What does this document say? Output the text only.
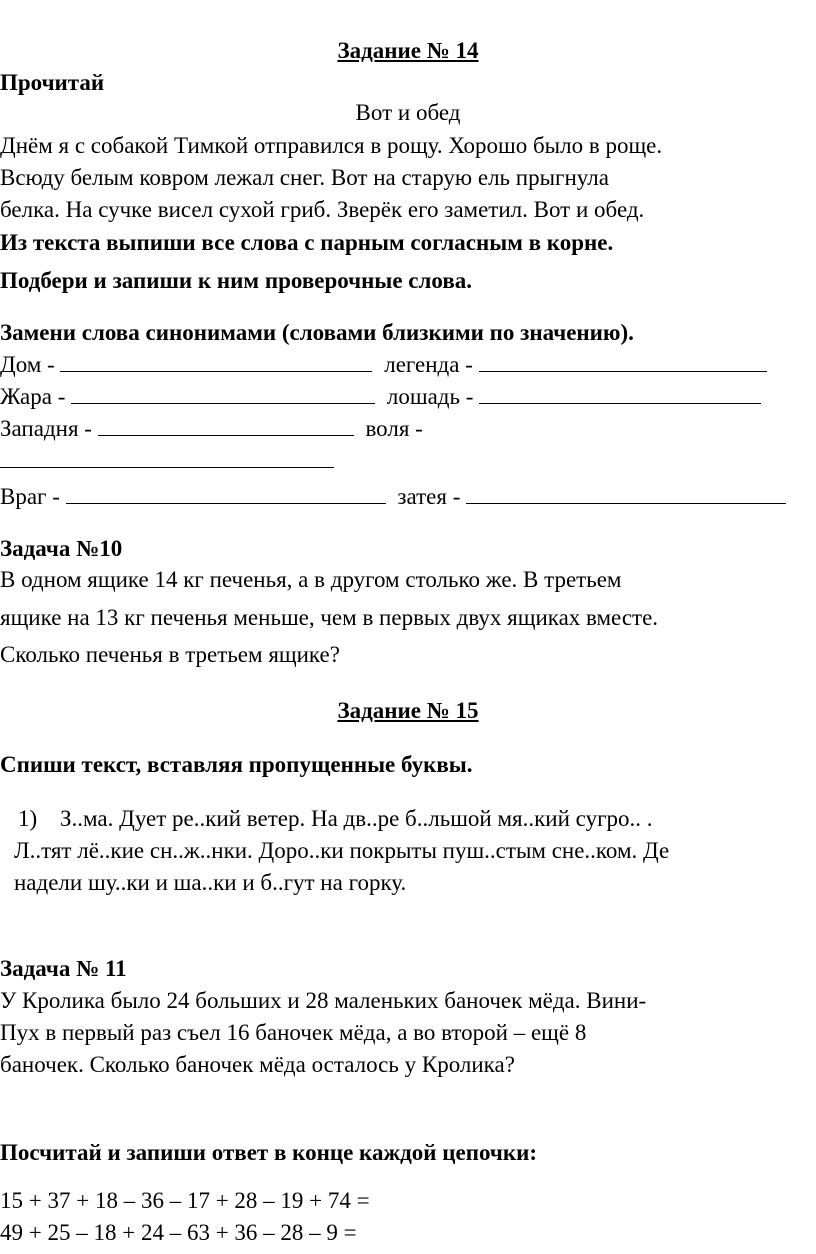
Задание № 14
Прочитай
Вот и обед
Днём я с собакой Тимкой отправился в рощу. Хорошо было в роще.
Всюду белым ковром лежал снег. Вот на старую ель прыгнула
белка. На сучке висел сухой гриб. Зверёк его заметил. Вот и обед.
Из текста выпиши все слова с парным согласным в корне.
Подбери и запиши к ним проверочные слова.
Замени слова синонимами (словами близкими по значению).
Дом -	легенда -
Жара -	лошадь -
Западня -	воля -
Враг -	затея -
Задача №10
В одном ящике 14 кг печенья, а в другом столько же. В третьем
ящике на 13 кг печенья меньше, чем в первых двух ящиках вместе.
Сколько печенья в третьем ящике?
Задание № 15
Спиши текст, вставляя пропущенные буквы.
1) З..ма. Дует ре..кий ветер. На дв..ре б..льшой мя..кий сугро.. .
Л..тят лё..кие сн..ж..нки. Доро..ки покрыты пуш..стым сне..ком. Де
надели шу..ки и ша..ки и б..гут на горку.
Задача № 11
У Кролика было 24 больших и 28 маленьких баночек мёда. Вини-
Пух в первый раз съел 16 баночек мёда, а во второй – ещё 8
баночек. Сколько баночек мёда осталось у Кролика?
Посчитай и запиши ответ в конце каждой цепочки:
15 + 37 + 18 – 36 – 17 + 28 – 19 + 74 =
49 + 25 – 18 + 24 – 63 + 36 – 28 – 9 =
